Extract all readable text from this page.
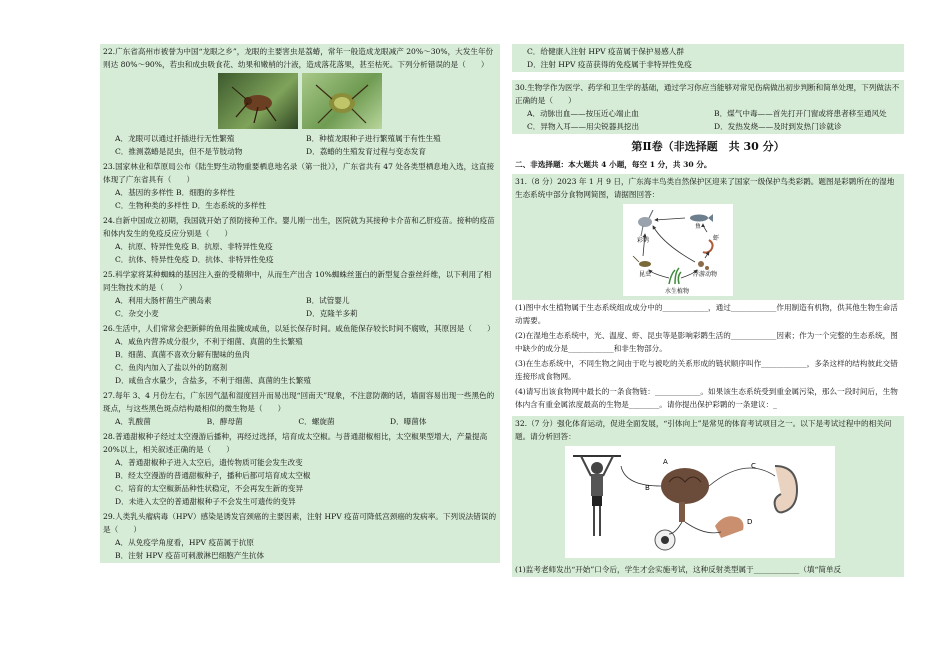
22.广东省高州市被誉为中国“龙眼之乡”，龙眼的主要害虫是荔蝽，常年一般造成龙眼减产 20%～30%，大发生年份则达 80%～90%，若虫和成虫吸食花、幼果和嫩梢的汁液，造成落花落果，甚至枯死。下列分析错误的是（　　）
A．龙眼可以通过扦插进行无性繁殖	B．种植龙眼种子进行繁殖属于有性生殖
C．推测荔蝽是昆虫，但不是节肢动物	D．荔蝽的生殖发育过程与变态发育
23.国家林业和草原局公布《陆生野生动物重要栖息地名录（第一批）》，广东省共有 47 处各类型栖息地入选，这直接体现了广东省具有（　　）
A．基因的多样性 B．细胞的多样性
C．生物种类的多样性 D．生态系统的多样性
24.自新中国成立初期，我国就开始了预防接种工作。婴儿刚一出生，医院就为其接种卡介苗和乙肝疫苗。接种的疫苗和体内发生的免疫反应分别是（　　）
A．抗原、特异性免疫 B．抗原、非特异性免疫
C．抗体、特异性免疫 D．抗体、非特异性免疫
25.科学家将某种蜘蛛的基因注入蚕的受精卵中，从而生产出含 10%蜘蛛丝蛋白的新型复合蚕丝纤维，以下利用了相同生物技术的是（　　）
A．利用大肠杆菌生产胰岛素	B．试管婴儿
C．杂交小麦	D．克隆羊多莉
26.生活中，人们常常会把新鲜的鱼用盐腌成咸鱼，以延长保存时间。咸鱼能保存较长时间不腐败，其原因是（　　）
A．咸鱼内营养成分很少，不利于细菌、真菌的生长繁殖
B．细菌、真菌不喜欢分解有腥味的鱼肉
C．鱼肉内加入了盐以外的防腐剂
D．咸鱼含水量少，含盐多，不利于细菌、真菌的生长繁殖
27.每年 3、4 月份左右，广东因气温和湿度回升而易出现“回南天”现象，不注意防潮的话，墙面容易出现一些黑色的斑点，与这些黑色斑点结构最相似的微生物是（　　）
A．乳酸菌	B．酵母菌	C．螺旋菌	D．曝菌体
28.普通甜椒种子经过太空漫游后播种，再经过选择，培育成太空椒。与普通甜椒相比，太空椒果型增大，产量提高 20%以上，相关叙述正确的是（　　）
A．普通甜椒种子进入太空后，遗传物质可能会发生改变
B．经太空漫游的普通甜椒种子，播种后都可培育成太空椒
C．培育的太空椒新品种性状稳定，不会再发生新的变异
D．未进入太空的普通甜椒种子不会发生可遗传的变异
29.人类乳头瘤病毒（HPV）感染是诱发宫颈癌的主要因素，注射 HPV 疫苗可降低宫颈癌的发病率。下列说法错误的是（　　）
A．从免疫学角度看，HPV 疫苗属于抗原
B．注射 HPV 疫苗可刺激淋巴细胞产生抗体
C．给健康人注射 HPV 疫苗属于保护易感人群
D．注射 HPV 疫苗获得的免疫属于非特异性免疫
30.生物学作为医学、药学和卫生学的基础，通过学习你应当能够对常见伤病做出初步判断和简单处理，下列做法不正确的是（　　）
A．动脉出血——按压近心端止血	B．煤气中毒——首先打开门窗或将患者移至通风处
C．异物入耳——用尖锐器具挖出	D．发热发烧——及时到发热门诊就诊
第Ⅱ卷（非选择题　共 30 分）
二、非选择题：本大题共 4 小题，每空 1 分，共 30 分。
31.（8 分）2023 年 1 月 9 日，广东海丰鸟类自然保护区迎来了国家一级保护鸟类彩鹮。题图是彩鹮所在的湿地生态系统中部分食物网简图，请据图回答：
彩鹮
鱼
虾
昆虫	浮游动物
水生植物
(1)图中水生植物属于生态系统组成成分中的____________，通过____________作用制造有机物，供其他生物生命活动需要。
(2)在湿地生态系统中，光、温度、虾、昆虫等是影响彩鹮生活的____________因素；作为一个完整的生态系统，图中缺少的成分是____________和非生物部分。
(3)在生态系统中，不同生物之间由于吃与被吃的关系形成的链状顺序叫作____________，多条这样的结构彼此交错连接形成食物网。
(4)请写出该食物网中最长的一条食物链：____________。如果该生态系统受到重金属污染，那么一段时间后，生物体内含有重金属浓度最高的生物是________。请你提出保护彩鹮的一条建议：_
32.（7 分）强化体育运动，促进全面发展，“引体向上”是常见的体育考试项目之一。以下是考试过程中的相关问题。请分析回答：
A
B
C
D
(1)监考老师发出“开始”口令后，学生才会实施考试，这种反射类型属于____________（填“简单反
